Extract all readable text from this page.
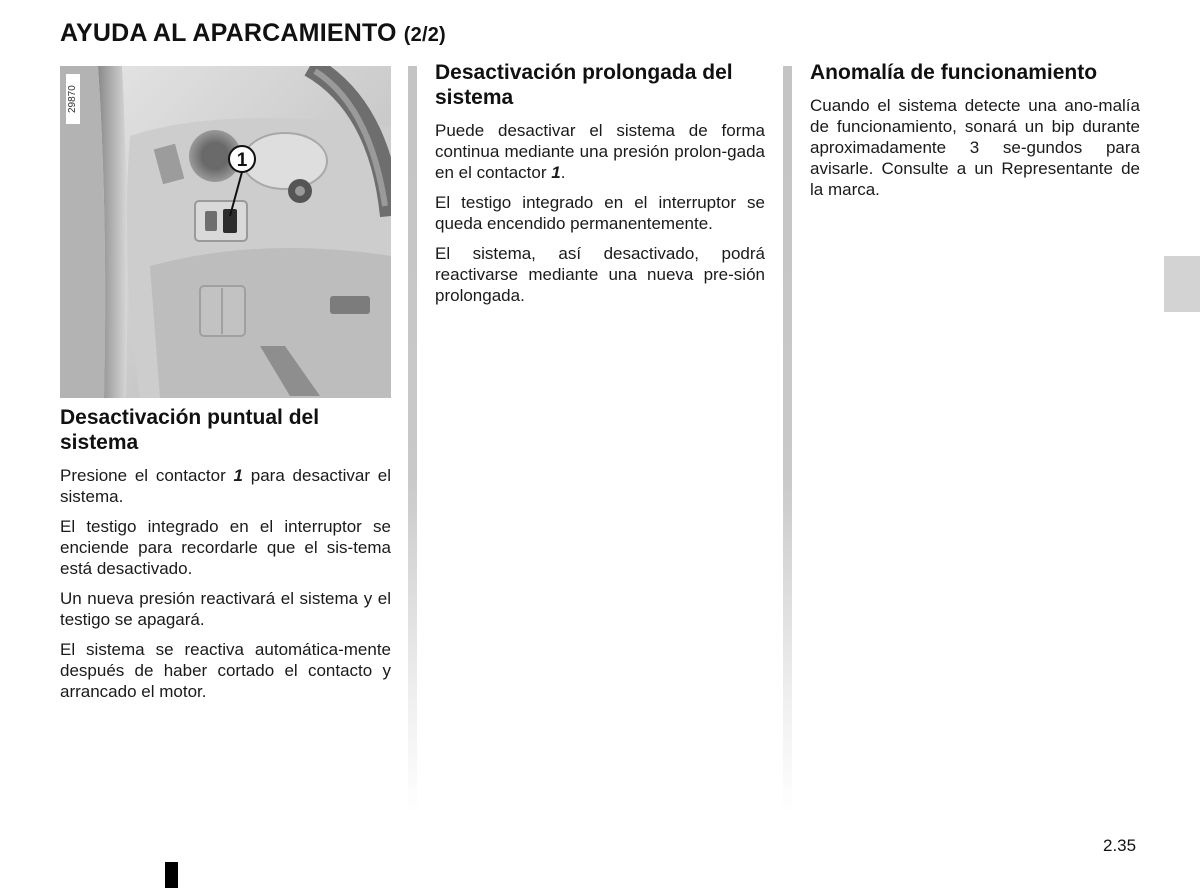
AYUDA AL APARCAMIENTO (2/2)
29870
1
Desactivación puntual del sistema

Presione el contactor 1 para desactivar el sistema.

El testigo integrado en el interruptor se enciende para recordarle que el sis-tema está desactivado.

Un nueva presión reactivará el sistema y el testigo se apagará.

El sistema se reactiva automática-mente después de haber cortado el contacto y arrancado el motor.

Desactivación prolongada del sistema

Puede desactivar el sistema de forma continua mediante una presión prolon-gada en el contactor 1.

El testigo integrado en el interruptor se queda encendido permanentemente.

El sistema, así desactivado, podrá reactivarse mediante una nueva pre-sión prolongada.

Anomalía de funcionamiento

Cuando el sistema detecte una ano-malía de funcionamiento, sonará un bip durante aproximadamente 3 se-gundos para avisarle. Consulte a un Representante de la marca.

2.35
